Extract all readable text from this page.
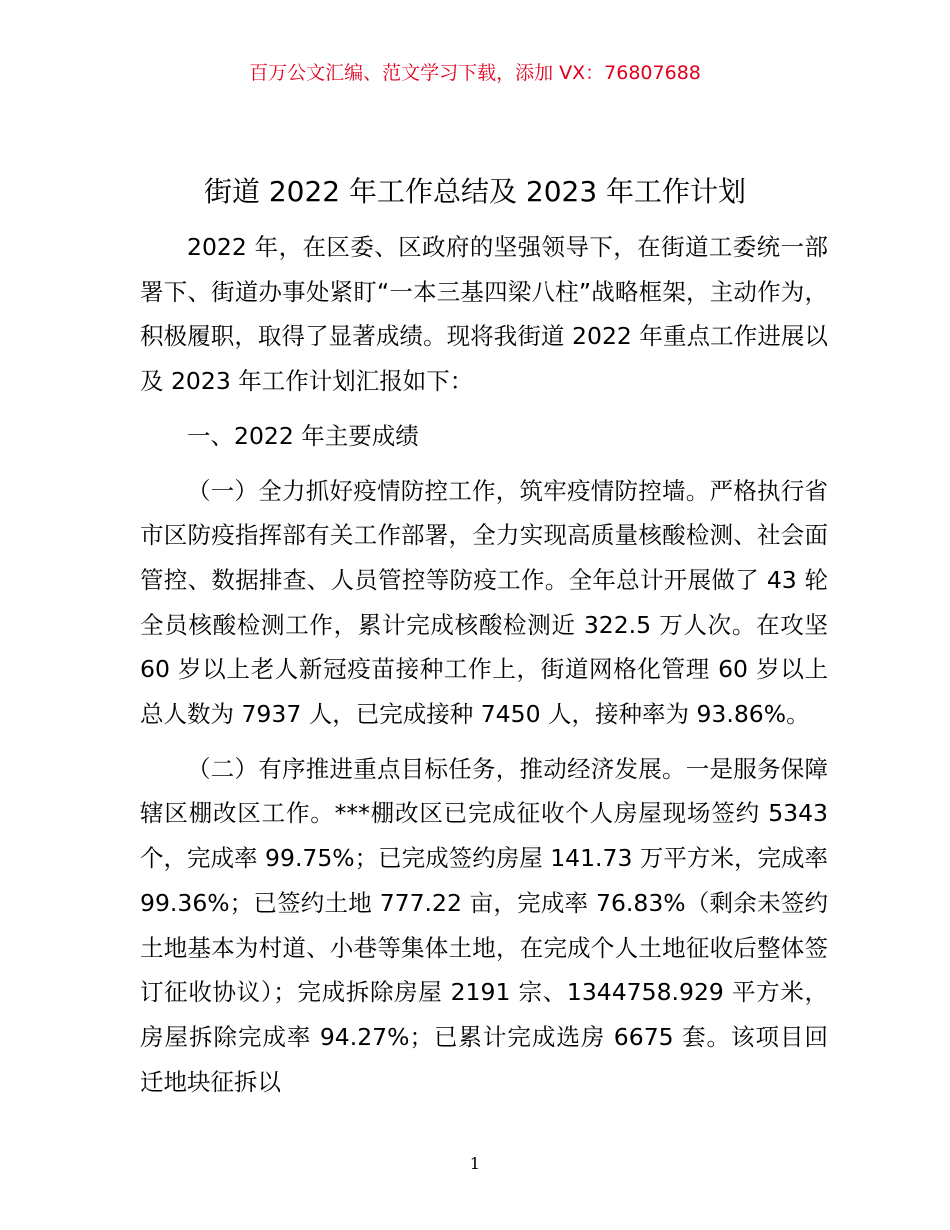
百万公文汇编、范文学习下载，添加 VX：76807688
街道 2022 年工作总结及 2023 年工作计划

2022 年，在区委、区政府的坚强领导下，在街道工委统一部署下、街道办事处紧盯“一本三基四梁八柱”战略框架，主动作为，积极履职，取得了显著成绩。现将我街道 2022 年重点工作进展以及 2023 年工作计划汇报如下：

一、2022 年主要成绩

（一）全力抓好疫情防控工作，筑牢疫情防控墙。严格执行省市区防疫指挥部有关工作部署，全力实现高质量核酸检测、社会面管控、数据排查、人员管控等防疫工作。全年总计开展做了 43 轮全员核酸检测工作，累计完成核酸检测近 322.5 万人次。在攻坚 60 岁以上老人新冠疫苗接种工作上，街道网格化管理 60 岁以上总人数为 7937 人，已完成接种 7450 人，接种率为 93.86%。

（二）有序推进重点目标任务，推动经济发展。一是服务保障辖区棚改区工作。***棚改区已完成征收个人房屋现场签约 5343 个，完成率 99.75%；已完成签约房屋 141.73 万平方米，完成率 99.36%；已签约土地 777.22 亩，完成率 76.83%（剩余未签约土地基本为村道、小巷等集体土地，在完成个人土地征收后整体签订征收协议）；完成拆除房屋 2191 宗、1344758.929 平方米，房屋拆除完成率 94.27%；已累计完成选房 6675 套。该项目回迁地块征拆以

1
